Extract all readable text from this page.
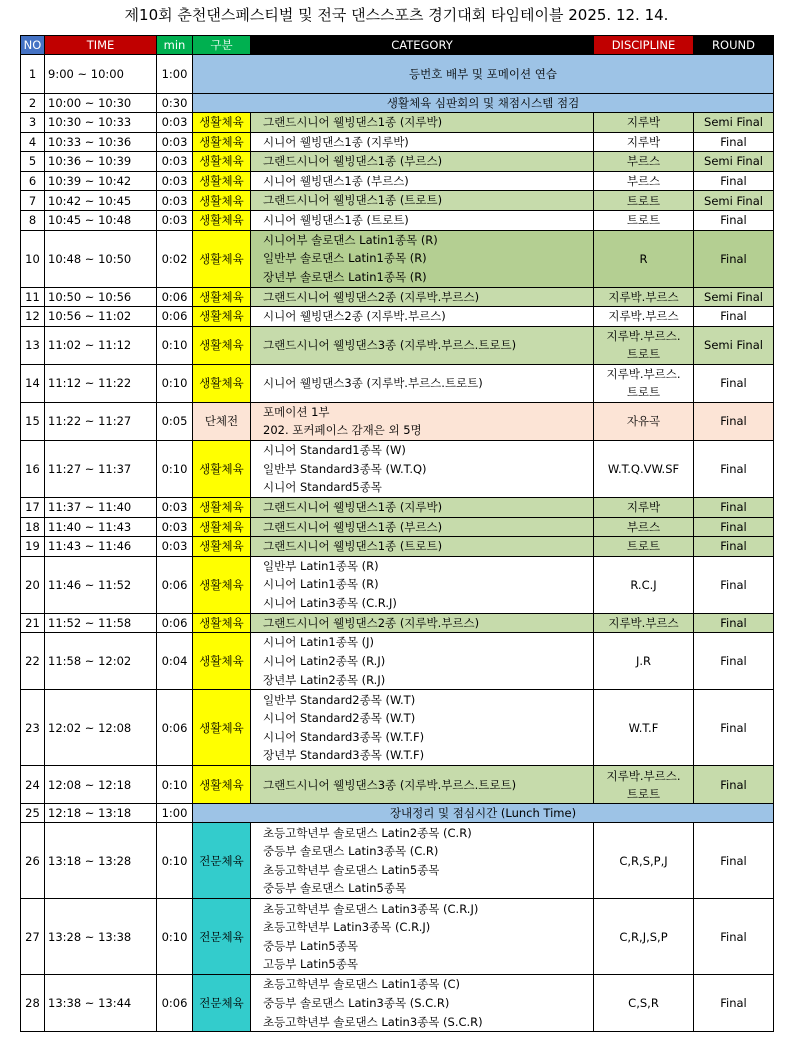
제10회 춘천댄스페스티벌 및 전국 댄스스포츠 경기대회 타임테이블 2025. 12. 14.
NO	TIME	min	구분	CATEGORY	DISCIPLINE	ROUND
1	9:00 ~ 10:00	1:00	등번호 배부 및 포메이션 연습			
2	10:00 ~ 10:30	0:30	생활체육 심판회의 및 채점시스템 점검			
3	10:30 ~ 10:33	0:03	생활체육	그랜드시니어 웰빙댄스1종 (지루박)	지루박	Semi Final
4	10:33 ~ 10:36	0:03	생활체육	시니어 웰빙댄스1종 (지루박)	지루박	Final
5	10:36 ~ 10:39	0:03	생활체육	그랜드시니어 웰빙댄스1종 (부르스)	부르스	Semi Final
6	10:39 ~ 10:42	0:03	생활체육	시니어 웰빙댄스1종 (부르스)	부르스	Final
7	10:42 ~ 10:45	0:03	생활체육	그랜드시니어 웰빙댄스1종 (트로트)	트로트	Semi Final
8	10:45 ~ 10:48	0:03	생활체육	시니어 웰빙댄스1종 (트로트)	트로트	Final
10	10:48 ~ 10:50	0:02	생활체육	시니어부 솔로댄스 Latin1종목 (R)
일반부 솔로댄스 Latin1종목 (R)
장년부 솔로댄스 Latin1종목 (R)	R	Final
11	10:50 ~ 10:56	0:06	생활체육	그랜드시니어 웰빙댄스2종 (지루박.부르스)	지루박.부르스	Semi Final
12	10:56 ~ 11:02	0:06	생활체육	시니어 웰빙댄스2종 (지루박.부르스)	지루박.부르스	Final
13	11:02 ~ 11:12	0:10	생활체육	그랜드시니어 웰빙댄스3종 (지루박.부르스.트로트)	지루박.부르스.
트로트	Semi Final
14	11:12 ~ 11:22	0:10	생활체육	시니어 웰빙댄스3종 (지루박.부르스.트로트)	지루박.부르스.
트로트	Final
15	11:22 ~ 11:27	0:05	단체전	포메이션 1부
202. 포커페이스 감재은 외 5명	자유곡	Final
16	11:27 ~ 11:37	0:10	생활체육	시니어 Standard1종목 (W)
일반부 Standard3종목 (W.T.Q)
시니어 Standard5종목	W.T.Q.VW.SF	Final
17	11:37 ~ 11:40	0:03	생활체육	그랜드시니어 웰빙댄스1종 (지루박)	지루박	Final
18	11:40 ~ 11:43	0:03	생활체육	그랜드시니어 웰빙댄스1종 (부르스)	부르스	Final
19	11:43 ~ 11:46	0:03	생활체육	그랜드시니어 웰빙댄스1종 (트로트)	트로트	Final
20	11:46 ~ 11:52	0:06	생활체육	일반부 Latin1종목 (R)
시니어 Latin1종목 (R)
시니어 Latin3종목 (C.R.J)	R.C.J	Final
21	11:52 ~ 11:58	0:06	생활체육	그랜드시니어 웰빙댄스2종 (지루박.부르스)	지루박.부르스	Final
22	11:58 ~ 12:02	0:04	생활체육	시니어 Latin1종목 (J)
시니어 Latin2종목 (R.J)
장년부 Latin2종목 (R.J)	J.R	Final
23	12:02 ~ 12:08	0:06	생활체육	일반부 Standard2종목 (W.T)
시니어 Standard2종목 (W.T)
시니어 Standard3종목 (W.T.F)
장년부 Standard3종목 (W.T.F)	W.T.F	Final
24	12:08 ~ 12:18	0:10	생활체육	그랜드시니어 웰빙댄스3종 (지루박.부르스.트로트)	지루박.부르스.
트로트	Final
25	12:18 ~ 13:18	1:00	장내정리 및 점심시간 (Lunch Time)			
26	13:18 ~ 13:28	0:10	전문체육	초등고학년부 솔로댄스 Latin2종목 (C.R)
중등부 솔로댄스 Latin3종목 (C.R)
초등고학년부 솔로댄스 Latin5종목
중등부 솔로댄스 Latin5종목	C,R,S,P,J	Final
27	13:28 ~ 13:38	0:10	전문체육	초등고학년부 솔로댄스 Latin3종목 (C.R.J)
초등고학년부 Latin3종목 (C.R.J)
중등부 Latin5종목
고등부 Latin5종목	C,R,J,S,P	Final
28	13:38 ~ 13:44	0:06	전문체육	초등고학년부 솔로댄스 Latin1종목 (C)
중등부 솔로댄스 Latin3종목 (S.C.R)
초등고학년부 솔로댄스 Latin3종목 (S.C.R)	C,S,R	Final
